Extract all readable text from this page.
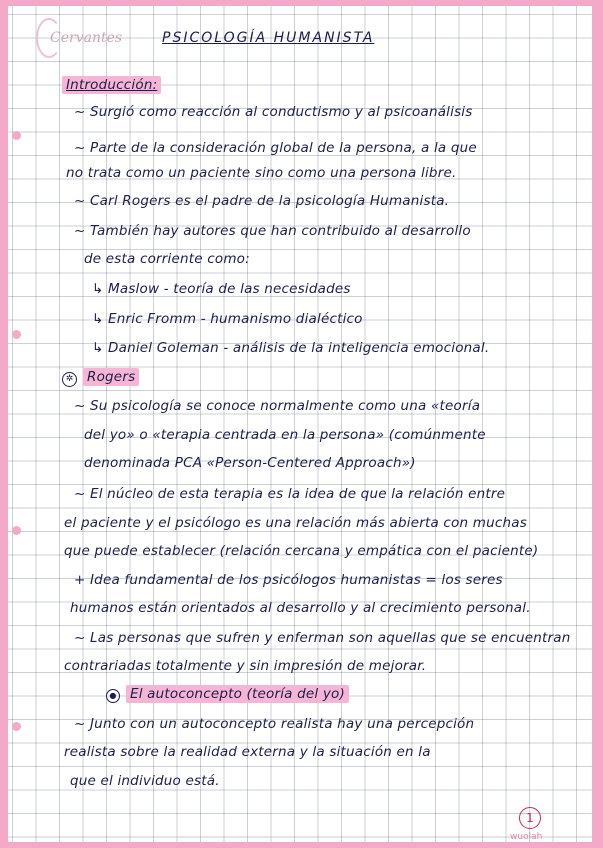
Cervantes	PSICOLOGÍA HUMANISTA
Introducción:
~ Surgió como reacción al conductismo y al psicoanálisis
~ Parte de la consideración global de la persona, a la que
no trata como un paciente sino como una persona libre.
~ Carl Rogers es el padre de la psicología Humanista.
~ También hay autores que han contribuido al desarrollo
de esta corriente como:
↳ Maslow - teoría de las necesidades
↳ Enric Fromm - humanismo dialéctico
↳ Daniel Goleman - análisis de la inteligencia emocional.
✲ Rogers
~ Su psicología se conoce normalmente como una «teoría
del yo» o «terapia centrada en la persona» (comúnmente
denominada PCA «Person-Centered Approach»)
~ El núcleo de esta terapia es la idea de que la relación entre
el paciente y el psicólogo es una relación más abierta con muchas
que puede establecer (relación cercana y empática con el paciente)
+ Idea fundamental de los psicólogos humanistas = los seres
humanos están orientados al desarrollo y al crecimiento personal.
~ Las personas que sufren y enferman son aquellas que se encuentran
contrariadas totalmente y sin impresión de mejorar.
● El autoconcepto (teoría del yo)
~ Junto con un autoconcepto realista hay una percepción
realista sobre la realidad externa y la situación en la
que el individuo está.
1
wuolah
